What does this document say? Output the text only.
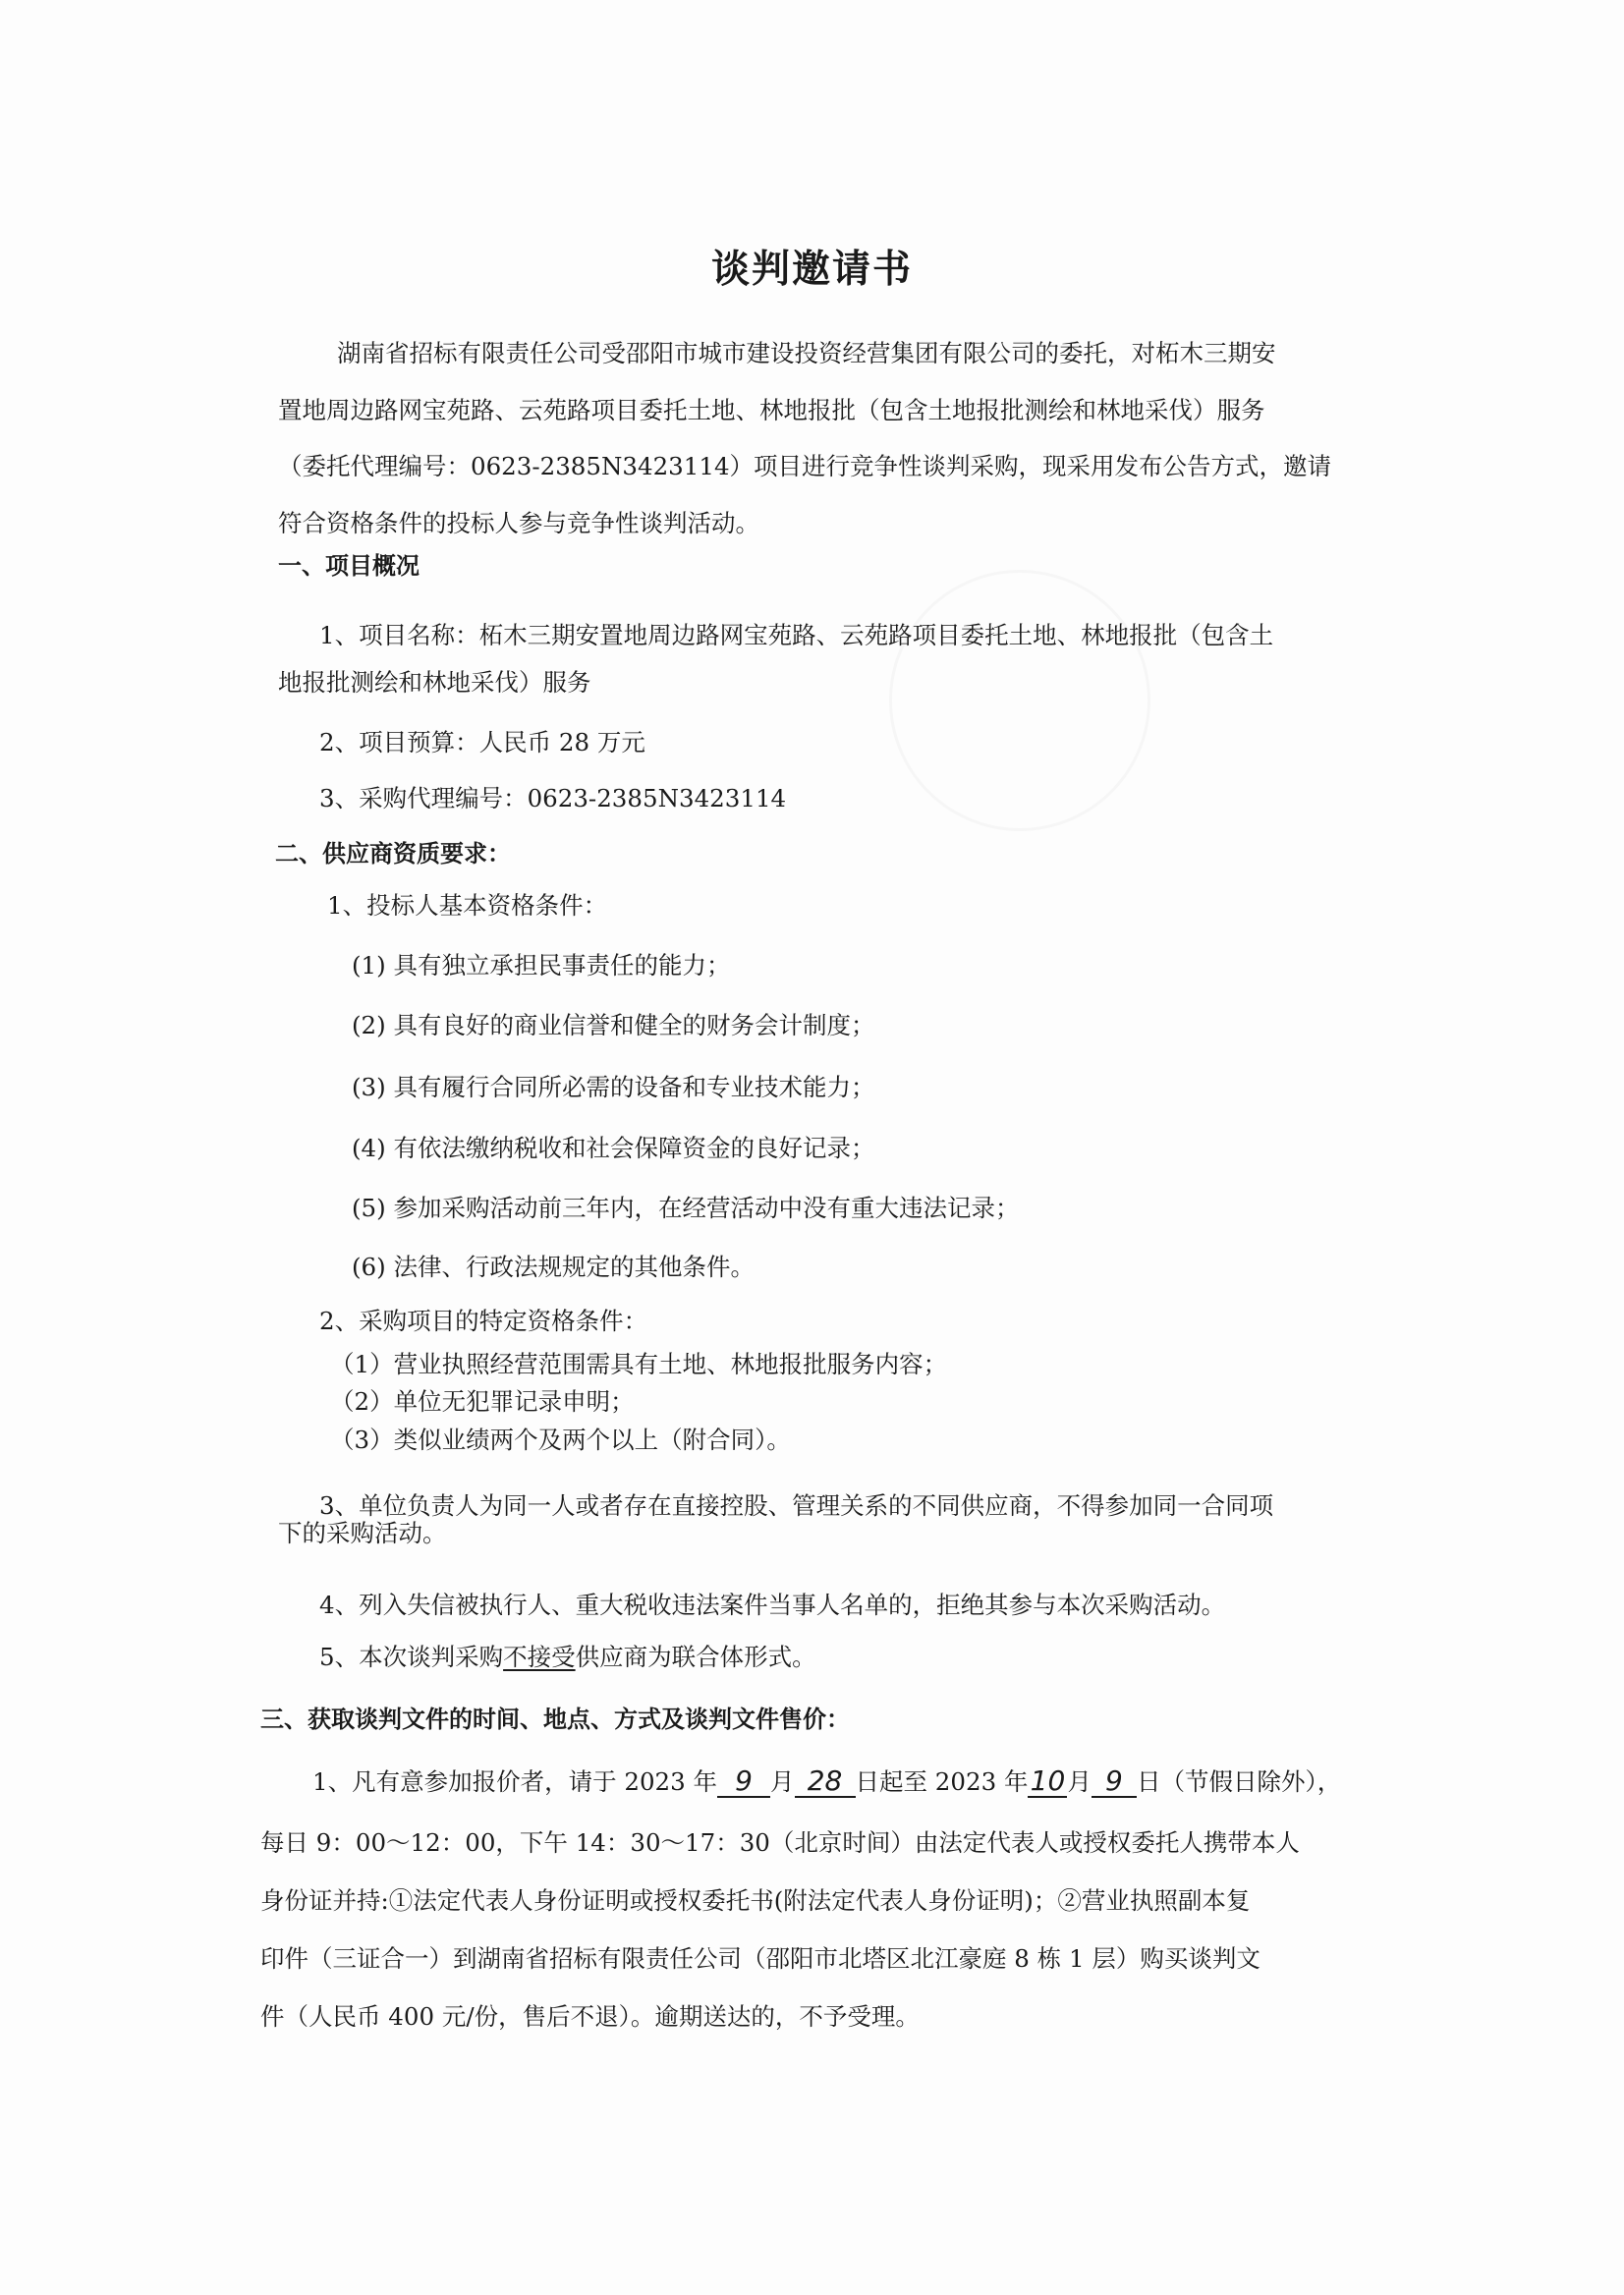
谈判邀请书

湖南省招标有限责任公司受邵阳市城市建设投资经营集团有限公司的委托，对柘木三期安

置地周边路网宝苑路、云苑路项目委托土地、林地报批（包含土地报批测绘和林地采伐）服务

（委托代理编号：0623-2385N3423114）项目进行竞争性谈判采购，现采用发布公告方式，邀请

符合资格条件的投标人参与竞争性谈判活动。

一、项目概况

1、项目名称：柘木三期安置地周边路网宝苑路、云苑路项目委托土地、林地报批（包含土

地报批测绘和林地采伐）服务

2、项目预算：人民币 28 万元

3、采购代理编号：0623-2385N3423114

二、供应商资质要求：

1、投标人基本资格条件：

(1) 具有独立承担民事责任的能力；

(2) 具有良好的商业信誉和健全的财务会计制度；

(3) 具有履行合同所必需的设备和专业技术能力；

(4) 有依法缴纳税收和社会保障资金的良好记录；

(5) 参加采购活动前三年内，在经营活动中没有重大违法记录；

(6) 法律、行政法规规定的其他条件。

2、采购项目的特定资格条件：

（1）营业执照经营范围需具有土地、林地报批服务内容；

（2）单位无犯罪记录申明；

（3）类似业绩两个及两个以上（附合同）。

3、单位负责人为同一人或者存在直接控股、管理关系的不同供应商，不得参加同一合同项

下的采购活动。

4、列入失信被执行人、重大税收违法案件当事人名单的，拒绝其参与本次采购活动。

5、本次谈判采购不接受供应商为联合体形式。

三、获取谈判文件的时间、地点、方式及谈判文件售价：

1、凡有意参加报价者，请于 2023 年 9 月 28 日起至 2023 年10月 9 日（节假日除外），

每日 9：00～12：00，下午 14：30～17：30（北京时间）由法定代表人或授权委托人携带本人

身份证并持:①法定代表人身份证明或授权委托书(附法定代表人身份证明)；②营业执照副本复

印件（三证合一）到湖南省招标有限责任公司（邵阳市北塔区北江豪庭 8 栋 1 层）购买谈判文

件（人民币 400 元/份，售后不退）。逾期送达的，不予受理。
